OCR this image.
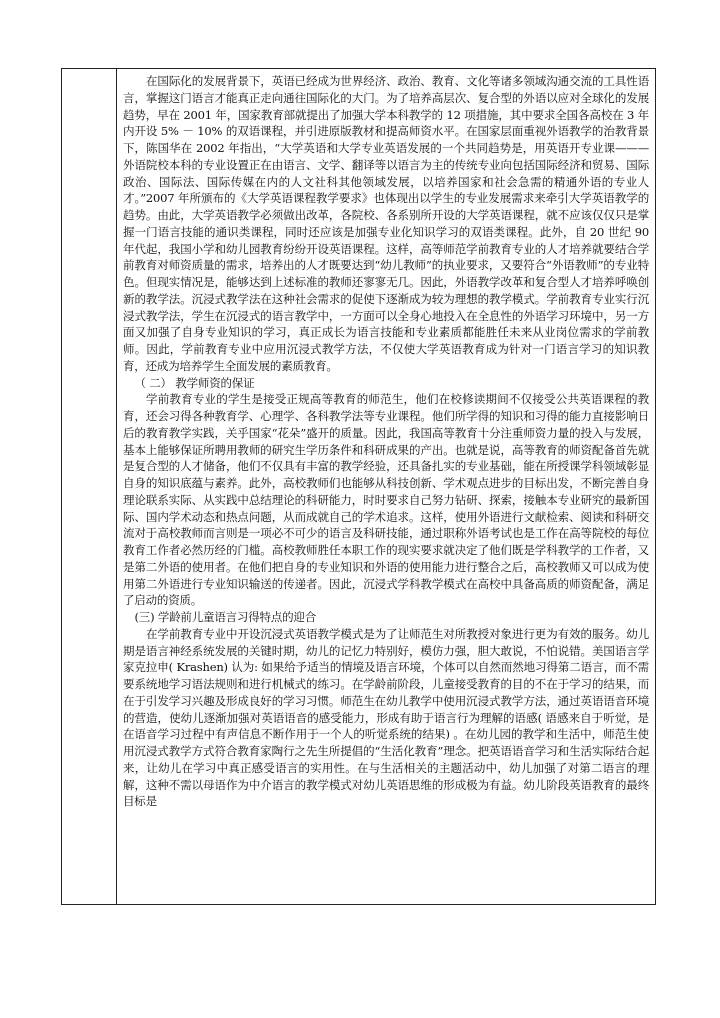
在国际化的发展背景下，英语已经成为世界经济、政治、教育、文化等诸多领域沟通交流的工具性语言，掌握这门语言才能真正走向通往国际化的大门。为了培养高层次、复合型的外语以应对全球化的发展趋势，早在 2001 年，国家教育部就提出了加强大学本科教学的 12 项措施，其中要求全国各高校在 3 年内开设 5% － 10% 的双语课程，并引进原版教材和提高师资水平。在国家层面重视外语教学的治教背景下，陈国华在 2002 年指出，“大学英语和大学专业英语发展的一个共同趋势是，用英语开专业课———外语院校本科的专业设置正在由语言、文学、翻译等以语言为主的传统专业向包括国际经济和贸易、国际政治、国际法、国际传媒在内的人文社科其他领域发展，以培养国家和社会急需的精通外语的专业人才。”2007 年所颁布的《大学英语课程教学要求》也体现出以学生的专业发展需求来牵引大学英语教学的趋势。由此，大学英语教学必须做出改革，各院校、各系别所开设的大学英语课程，就不应该仅仅只是掌握一门语言技能的通识类课程，同时还应该是加强专业化知识学习的双语类课程。此外，自 20 世纪 90 年代起，我国小学和幼儿园教育纷纷开设英语课程。这样，高等师范学前教育专业的人才培养就要结合学前教育对师资质量的需求，培养出的人才既要达到“幼儿教师”的执业要求，又要符合“外语教师”的专业特色。但现实情况是，能够达到上述标准的教师还寥寥无几。因此，外语教学改革和复合型人才培养呼唤创新的教学法。沉浸式教学法在这种社会需求的促使下逐渐成为较为理想的教学模式。学前教育专业实行沉浸式教学法，学生在沉浸式的语言教学中，一方面可以全身心地投入在全息性的外语学习环境中，另一方面又加强了自身专业知识的学习，真正成长为语言技能和专业素质都能胜任未来从业岗位需求的学前教师。因此，学前教育专业中应用沉浸式教学方法，不仅使大学英语教育成为针对一门语言学习的知识教育，还成为培养学生全面发展的素质教育。

（ 二） 教学师资的保证

学前教育专业的学生是接受正规高等教育的师范生，他们在校修读期间不仅接受公共英语课程的教育，还会习得各种教育学、心理学、各科教学法等专业课程。他们所学得的知识和习得的能力直接影响日后的教育教学实践，关乎国家“花朵”盛开的质量。因此，我国高等教育十分注重师资力量的投入与发展，基本上能够保证所聘用教师的研究生学历条件和科研成果的产出。也就是说，高等教育的师资配备首先就是复合型的人才储备，他们不仅具有丰富的教学经验，还具备扎实的专业基础，能在所授课学科领域彰显自身的知识底蕴与素养。此外，高校教师们也能够从科技创新、学术观点进步的目标出发，不断完善自身理论联系实际、从实践中总结理论的科研能力，时时要求自己努力钻研、探索，接触本专业研究的最新国际、国内学术动态和热点问题，从而成就自己的学术追求。这样，使用外语进行文献检索、阅读和科研交流对于高校教师而言则是一项必不可少的语言及科研技能，通过职称外语考试也是工作在高等院校的每位教育工作者必然历经的门槛。高校教师胜任本职工作的现实要求就决定了他们既是学科教学的工作者，又是第二外语的使用者。在他们把自身的专业知识和外语的使用能力进行整合之后，高校教师又可以成为使用第二外语进行专业知识输送的传递者。因此，沉浸式学科教学模式在高校中具备高质的师资配备，满足了启动的资质。

(三) 学龄前儿童语言习得特点的迎合

在学前教育专业中开设沉浸式英语教学模式是为了让师范生对所教授对象进行更为有效的服务。幼儿期是语言神经系统发展的关键时期，幼儿的记忆力特别好，模仿力强，胆大敢说，不怕说错。美国语言学家克拉申( Krashen) 认为: 如果给予适当的情境及语言环境，个体可以自然而然地习得第二语言，而不需要系统地学习语法规则和进行机械式的练习。在学龄前阶段，儿童接受教育的目的不在于学习的结果，而在于引发学习兴趣及形成良好的学习习惯。师范生在幼儿教学中使用沉浸式教学方法，通过英语语音环境的营造，使幼儿逐渐加强对英语语音的感受能力，形成有助于语言行为理解的语感( 语感来自于听觉，是在语音学习过程中有声信息不断作用于一个人的听觉系统的结果) 。在幼儿园的教学和生活中，师范生使用沉浸式教学方式符合教育家陶行之先生所提倡的“生活化教育”理念。把英语语音学习和生活实际结合起来，让幼儿在学习中真正感受语言的实用性。在与生活相关的主题活动中，幼儿加强了对第二语言的理解，这种不需以母语作为中介语言的教学模式对幼儿英语思维的形成极为有益。幼儿阶段英语教育的最终目标是
